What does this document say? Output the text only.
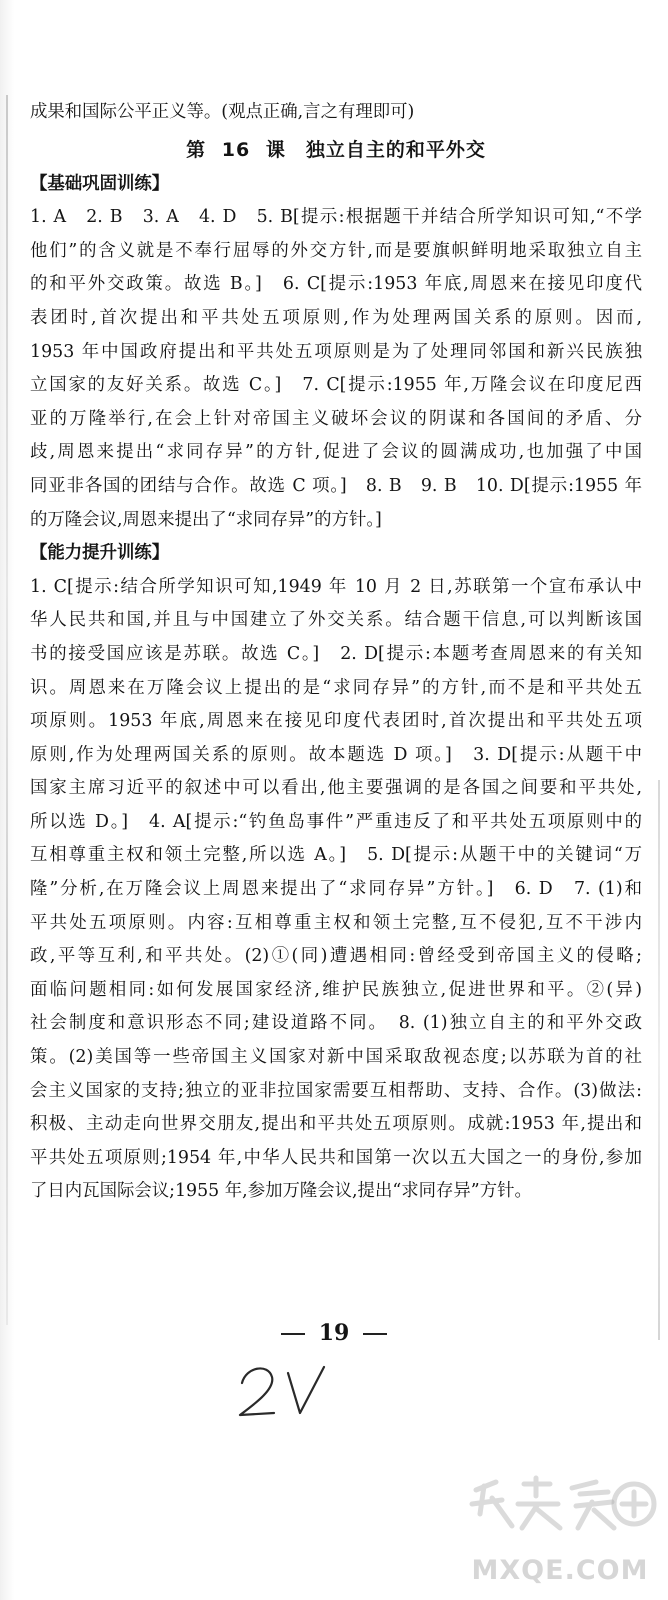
成果和国际公平正义等。(观点正确,言之有理即可)
第 16 课　独立自主的和平外交
【基础巩固训练】
1. A　2. B　3. A　4. D　5. B[提示:根据题干并结合所学知识可知,“不学
他们”的含义就是不奉行屈辱的外交方针,而是要旗帜鲜明地采取独立自主
的和平外交政策。故选 B。]　6. C[提示:1953 年底,周恩来在接见印度代
表团时,首次提出和平共处五项原则,作为处理两国关系的原则。因而,
1953 年中国政府提出和平共处五项原则是为了处理同邻国和新兴民族独
立国家的友好关系。故选 C。]　7. C[提示:1955 年,万隆会议在印度尼西
亚的万隆举行,在会上针对帝国主义破坏会议的阴谋和各国间的矛盾、分
歧,周恩来提出“求同存异”的方针,促进了会议的圆满成功,也加强了中国
同亚非各国的团结与合作。故选 C 项。]　8. B　9. B　10. D[提示:1955 年
的万隆会议,周恩来提出了“求同存异”的方针。]
【能力提升训练】
1. C[提示:结合所学知识可知,1949 年 10 月 2 日,苏联第一个宣布承认中
华人民共和国,并且与中国建立了外交关系。结合题干信息,可以判断该国
书的接受国应该是苏联。故选 C。]　2. D[提示:本题考查周恩来的有关知
识。周恩来在万隆会议上提出的是“求同存异”的方针,而不是和平共处五
项原则。1953 年底,周恩来在接见印度代表团时,首次提出和平共处五项
原则,作为处理两国关系的原则。故本题选 D 项。]　3. D[提示:从题干中
国家主席习近平的叙述中可以看出,他主要强调的是各国之间要和平共处,
所以选 D。]　4. A[提示:“钓鱼岛事件”严重违反了和平共处五项原则中的
互相尊重主权和领土完整,所以选 A。]　5. D[提示:从题干中的关键词“万
隆”分析,在万隆会议上周恩来提出了“求同存异”方针。]　6. D　7. (1)和
平共处五项原则。内容:互相尊重主权和领土完整,互不侵犯,互不干涉内
政,平等互利,和平共处。(2)①(同)遭遇相同:曾经受到帝国主义的侵略;
面临问题相同:如何发展国家经济,维护民族独立,促进世界和平。②(异)
社会制度和意识形态不同;建设道路不同。　8. (1)独立自主的和平外交政
策。(2)美国等一些帝国主义国家对新中国采取敌视态度;以苏联为首的社
会主义国家的支持;独立的亚非拉国家需要互相帮助、支持、合作。(3)做法:
积极、主动走向世界交朋友,提出和平共处五项原则。成就:1953 年,提出和
平共处五项原则;1954 年,中华人民共和国第一次以五大国之一的身份,参加
了日内瓦国际会议;1955 年,参加万隆会议,提出“求同存异”方针。
19
MXQE.COM
